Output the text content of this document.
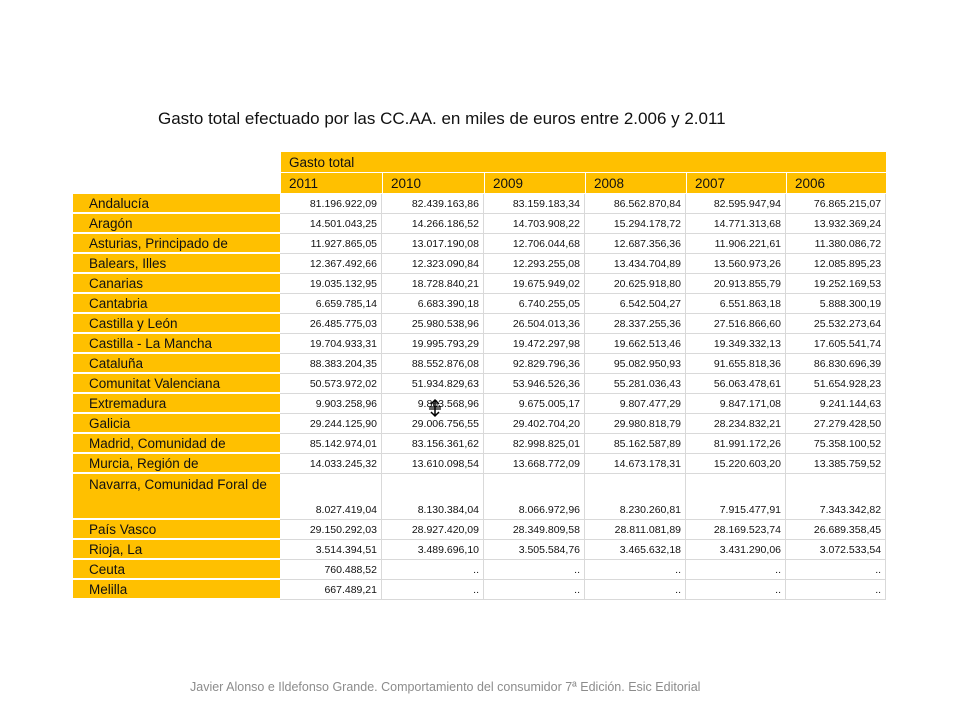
Gasto total efectuado por las CC.AA. en miles de euros entre 2.006 y 2.011
	Gasto total					
	2011	2010	2009	2008	2007	2006
Andalucía	81.196.922,09	82.439.163,86	83.159.183,34	86.562.870,84	82.595.947,94	76.865.215,07
Aragón	14.501.043,25	14.266.186,52	14.703.908,22	15.294.178,72	14.771.313,68	13.932.369,24
Asturias, Principado de	11.927.865,05	13.017.190,08	12.706.044,68	12.687.356,36	11.906.221,61	11.380.086,72
Balears, Illes	12.367.492,66	12.323.090,84	12.293.255,08	13.434.704,89	13.560.973,26	12.085.895,23
Canarias	19.035.132,95	18.728.840,21	19.675.949,02	20.625.918,80	20.913.855,79	19.252.169,53
Cantabria	6.659.785,14	6.683.390,18	6.740.255,05	6.542.504,27	6.551.863,18	5.888.300,19
Castilla y León	26.485.775,03	25.980.538,96	26.504.013,36	28.337.255,36	27.516.866,60	25.532.273,64
Castilla - La Mancha	19.704.933,31	19.995.793,29	19.472.297,98	19.662.513,46	19.349.332,13	17.605.541,74
Cataluña	88.383.204,35	88.552.876,08	92.829.796,36	95.082.950,93	91.655.818,36	86.830.696,39
Comunitat Valenciana	50.573.972,02	51.934.829,63	53.946.526,36	55.281.036,43	56.063.478,61	51.654.928,23
Extremadura	9.903.258,96	9.863.568,96	9.675.005,17	9.807.477,29	9.847.171,08	9.241.144,63
Galicia	29.244.125,90	29.006.756,55	29.402.704,20	29.980.818,79	28.234.832,21	27.279.428,50
Madrid, Comunidad de	85.142.974,01	83.156.361,62	82.998.825,01	85.162.587,89	81.991.172,26	75.358.100,52
Murcia, Región de	14.033.245,32	13.610.098,54	13.668.772,09	14.673.178,31	15.220.603,20	13.385.759,52
Navarra, Comunidad Foral de	8.027.419,04	8.130.384,04	8.066.972,96	8.230.260,81	7.915.477,91	7.343.342,82
País Vasco	29.150.292,03	28.927.420,09	28.349.809,58	28.811.081,89	28.169.523,74	26.689.358,45
Rioja, La	3.514.394,51	3.489.696,10	3.505.584,76	3.465.632,18	3.431.290,06	3.072.533,54
Ceuta	760.488,52	..	..	..	..	..
Melilla	667.489,21	..	..	..	..	..

Javier Alonso e Ildefonso Grande. Comportamiento del consumidor 7ª Edición. Esic Editorial
